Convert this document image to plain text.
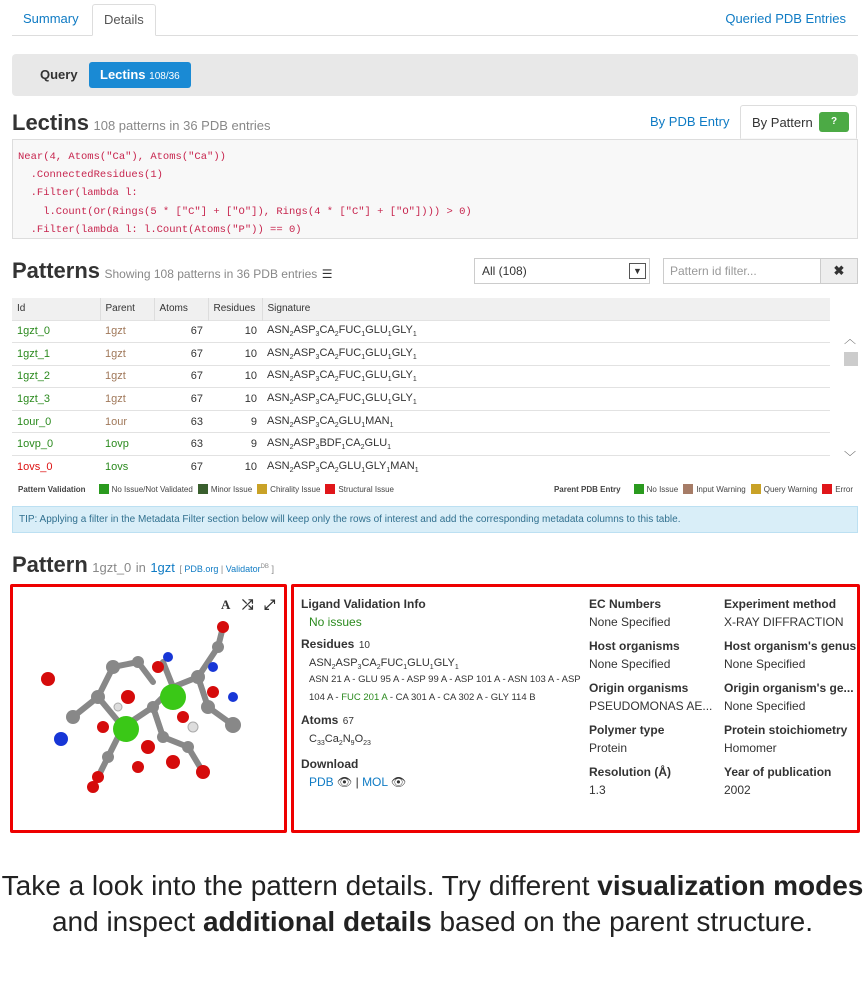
Summary	Details	Queried PDB Entries
Query	Lectins 108/36
Lectins 108 patterns in 36 PDB entries	By PDB Entry	By Pattern	?
Near(4, Atoms("Ca"), Atoms("Ca"))
.ConnectedResidues(1)
.Filter(lambda l:
l.Count(Or(Rings(5 * ["C"] + ["O"]), Rings(4 * ["C"] + ["O"]))) > 0)
.Filter(lambda l: l.Count(Atoms("P")) == 0)
Patterns Showing 108 patterns in 36 PDB entries ☰	All (108)	▼	Pattern id filter...	✖
Id	Parent	Atoms	Residues	Signature
1gzt_0	1gzt	67	10	$ASN_2ASP_3CA_2FUC_1GLU_1GLY_1$
1gzt_1	1gzt	67	10	$ASN_2ASP_3CA_2FUC_1GLU_1GLY_1$
1gzt_2	1gzt	67	10	$ASN_2ASP_3CA_2FUC_1GLU_1GLY_1$
1gzt_3	1gzt	67	10	$ASN_2ASP_3CA_2FUC_1GLU_1GLY_1$
1our_0	1our	63	9	$ASN_2ASP_3CA_2GLU_1MAN_1$
1ovp_0	1ovp	63	9	$ASN_2ASP_3BDF_1CA_2GLU_1$
1ovs_0	1ovs	67	10	$ASN_2ASP_3CA_2GLU_1GLY_1MAN_1$
︿
﹀
Pattern Validation	No Issue/Not Validated Minor Issue Chirality Issue Structural Issue	Parent PDB Entry	No Issue Input Warning Query Warning Error
TIP: Applying a filter in the Metadata Filter section below will keep only the rows of interest and add the corresponding metadata columns to this table.
Pattern 1gzt_0 in 1gzt [ PDB.org | Validator$^{DB}$ ]
A ⤮ ⤢ Ligand Validation Info
No issues
Residues 10
$ASN_2ASP_3CA_2FUC_1GLU_1GLY_1$
ASN 21 A - GLU 95 A - ASP 99 A - ASP 101 A - ASN 103 A - ASP 104 A - FUC 201 A - CA 301 A - CA 302 A - GLY 114 B
Atoms 67
$C_{33}Ca_2N_9O_{23}$
Download
PDB 👁 | MOL 👁
EC Numbers
None Specified
Experiment method
X-RAY DIFFRACTION
Host organisms
None Specified
Host organism's genus
None Specified
Origin organisms
PSEUDOMONAS AE...
Origin organism's ge...
None Specified
Polymer type
Protein
Protein stoichiometry
Homomer
Resolution (Å)
1.3
Year of publication
2002
Take a look into the pattern details. Try different visualization modes and inspect additional details based on the parent structure.
